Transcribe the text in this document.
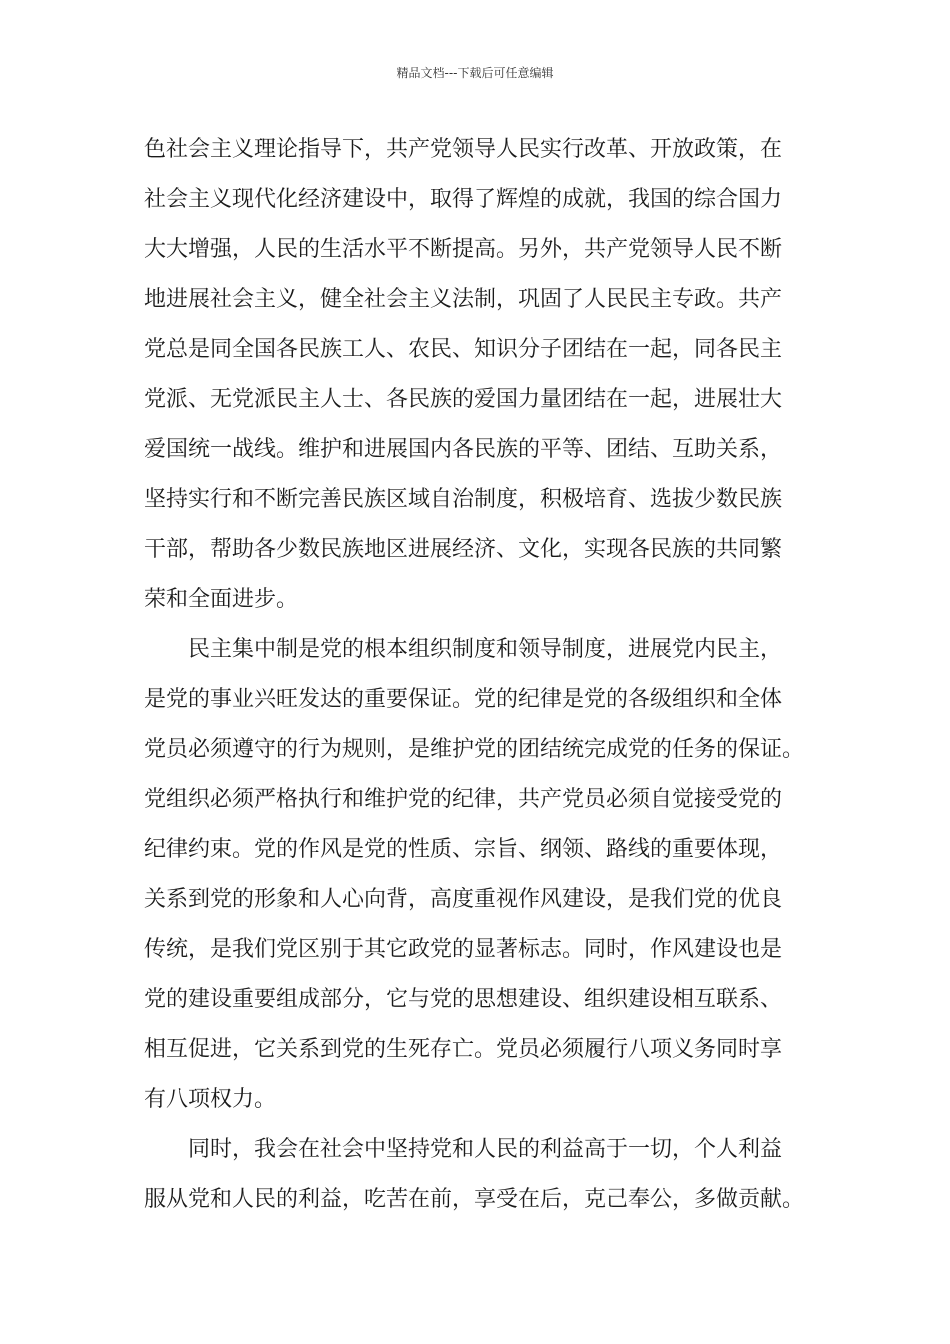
精品文档---下载后可任意编辑
色社会主义理论指导下，共产党领导人民实行改革、开放政策，在
社会主义现代化经济建设中，取得了辉煌的成就，我国的综合国力
大大增强，人民的生活水平不断提高。另外，共产党领导人民不断
地进展社会主义，健全社会主义法制，巩固了人民民主专政。共产
党总是同全国各民族工人、农民、知识分子团结在一起，同各民主
党派、无党派民主人士、各民族的爱国力量团结在一起，进展壮大
爱国统一战线。维护和进展国内各民族的平等、团结、互助关系，
坚持实行和不断完善民族区域自治制度，积极培育、选拔少数民族
干部，帮助各少数民族地区进展经济、文化，实现各民族的共同繁
荣和全面进步。
民主集中制是党的根本组织制度和领导制度，进展党内民主，
是党的事业兴旺发达的重要保证。党的纪律是党的各级组织和全体
党员必须遵守的行为规则，是维护党的团结统完成党的任务的保证。
党组织必须严格执行和维护党的纪律，共产党员必须自觉接受党的
纪律约束。党的作风是党的性质、宗旨、纲领、路线的重要体现，
关系到党的形象和人心向背，高度重视作风建设，是我们党的优良
传统，是我们党区别于其它政党的显著标志。同时，作风建设也是
党的建设重要组成部分，它与党的思想建设、组织建设相互联系、
相互促进，它关系到党的生死存亡。党员必须履行八项义务同时享
有八项权力。
同时，我会在社会中坚持党和人民的利益高于一切，个人利益
服从党和人民的利益，吃苦在前，享受在后，克己奉公，多做贡献。
